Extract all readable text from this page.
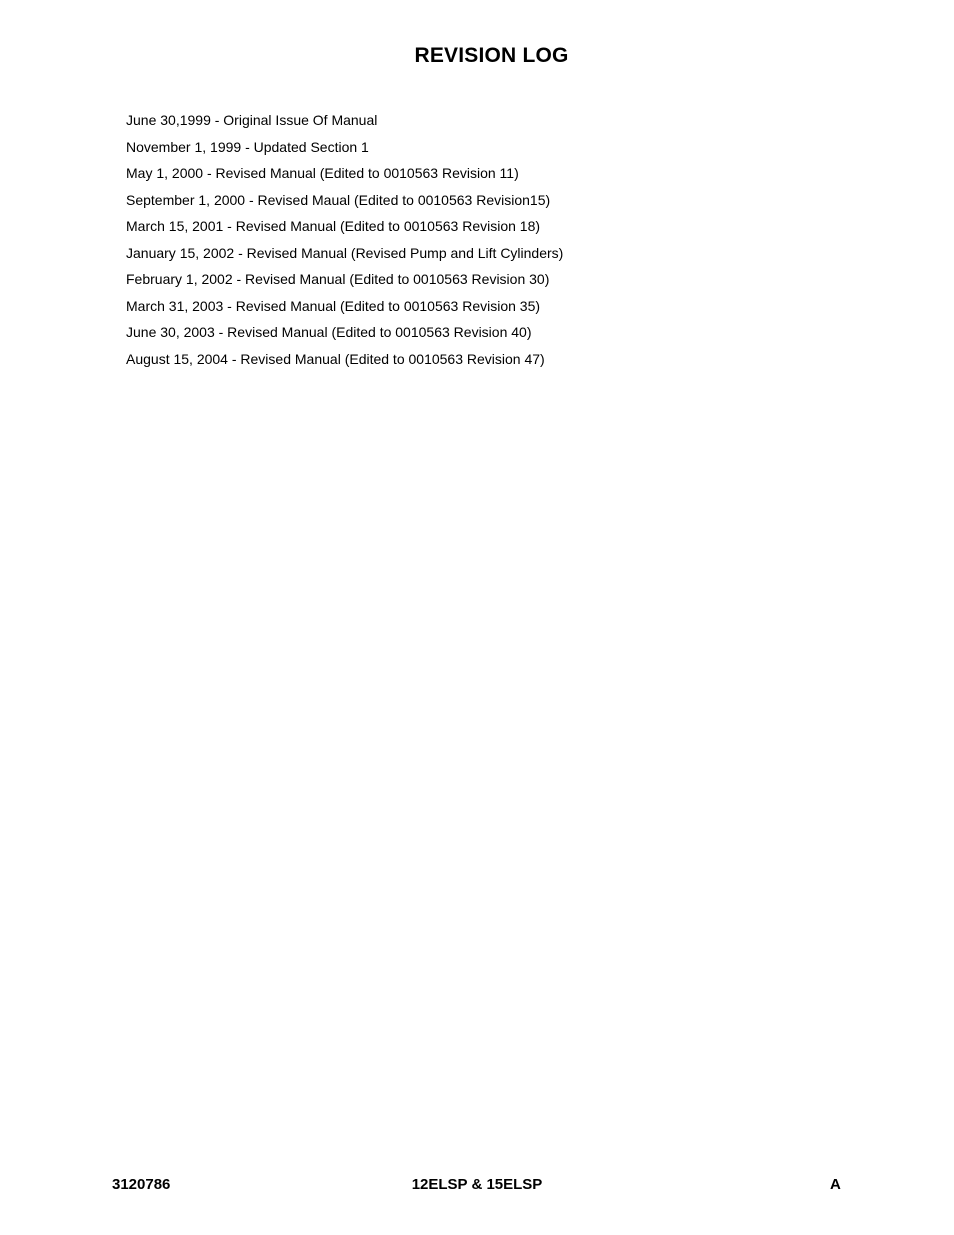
REVISION LOG
June 30,1999 - Original Issue Of Manual
November 1, 1999 - Updated Section 1
May 1, 2000 - Revised Manual (Edited to 0010563 Revision 11)
September 1, 2000 - Revised Maual (Edited to 0010563 Revision15)
March 15, 2001 - Revised Manual (Edited to 0010563 Revision 18)
January 15, 2002 - Revised Manual (Revised Pump and Lift Cylinders)
February 1, 2002 - Revised Manual (Edited to 0010563 Revision 30)
March 31, 2003 - Revised Manual (Edited to 0010563 Revision 35)
June 30, 2003 - Revised Manual (Edited to 0010563 Revision 40)
August 15, 2004 - Revised Manual (Edited to 0010563 Revision 47)
12ELSP & 15ELSP
3120786	A
